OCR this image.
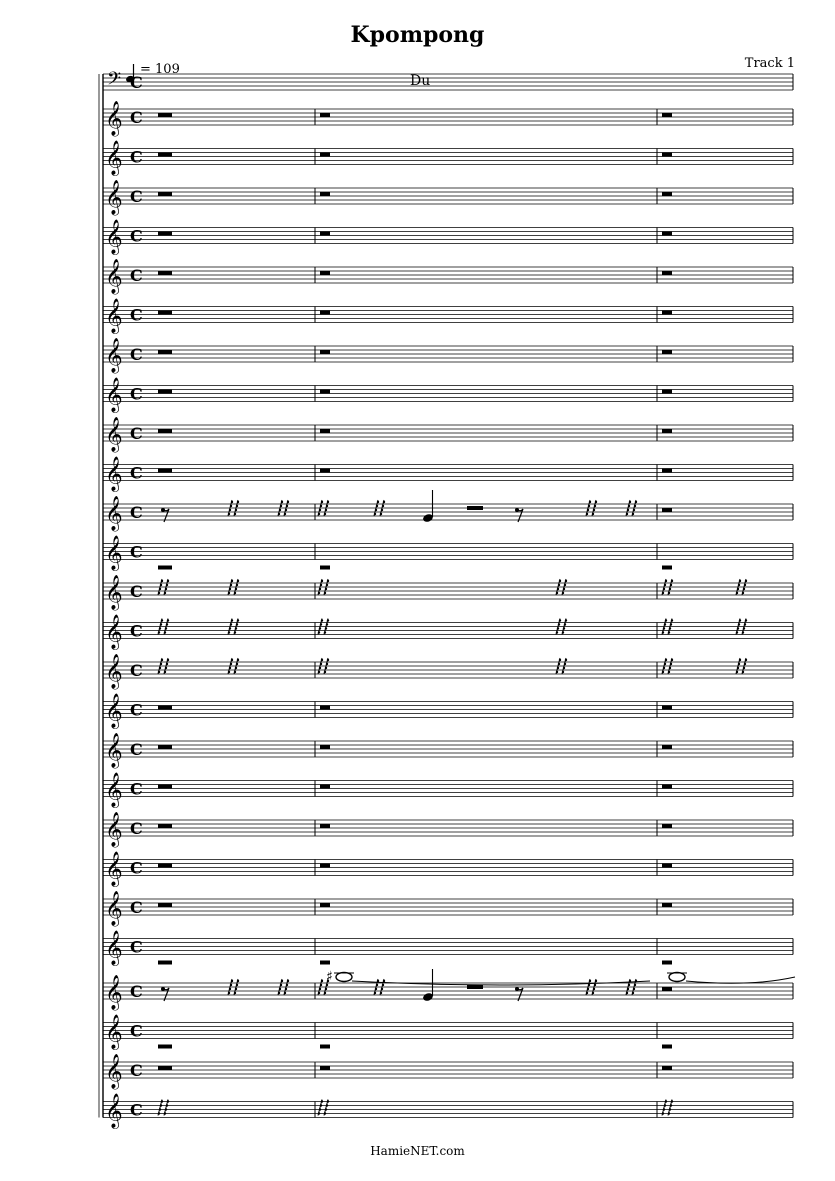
Kpompong
Track 1
= 109
Du
𝄢 C
𝄞 C
𝄞 C
𝄞 C
𝄞 C
𝄞 C
𝄞 C
𝄞 C
𝄞 C
𝄞 C
𝄞 C
𝄞 C
𝄞 C
𝄞 C
𝄞 C
𝄞 C
𝄞 C
𝄞 C
𝄞 C
𝄞 C
𝄞 C
𝄞 C
𝄞 C
𝄞 C
♯
𝄞 C
𝄞 C
𝄞 C
HamieNET.com
